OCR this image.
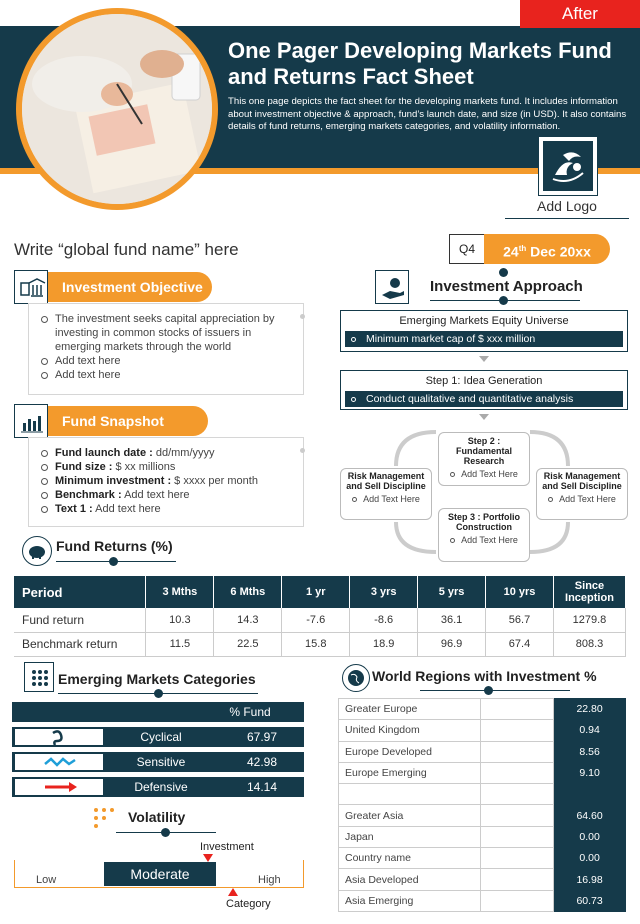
After
One Pager Developing Markets Fund and Returns Fact Sheet
This one page depicts the fact sheet for the developing markets fund. It includes information about investment objective & approach, fund’s launch date, and size (in USD). It also contains details of fund returns, emerging markets categories, and volatility information.
Add Logo
Write “global fund name” here	Q4	24th Dec 20xx
Investment Objective
The investment seeks capital appreciation by investing in common stocks of issuers in emerging markets through the world
Add text here
Add text here
Fund Snapshot
Fund launch date : dd/mm/yyyy
Fund size : $ xx millions
Minimum investment : $ xxxx per month
Benchmark : Add text here
Text 1 : Add text here
Investment Approach
Emerging Markets Equity Universe
Minimum market cap of $ xxx million
Step 1: Idea Generation
Conduct qualitative and quantitative analysis
Step 2 : Fundamental Research
Add Text Here
Risk Management and Sell Discipline
Add Text Here
Risk Management and Sell Discipline
Add Text Here
Step 3 : Portfolio Construction
Add Text Here
Fund Returns (%)
Period	3 Mths	6 Mths	1 yr	3 yrs	5 yrs	10 yrs	Since Inception
Fund return	10.3	14.3	-7.6	-8.6	36.1	56.7	1279.8
Benchmark return	11.5	22.5	15.8	18.9	96.9	67.4	808.3
Emerging Markets Categories
% Fund
Cyclical	67.97
Sensitive	42.98
Defensive	14.14
Volatility
Investment
Low	Moderate	High
Category
World Regions with Investment %
Greater Europe		22.80
United Kingdom		0.94
Europe Developed		8.56
Europe Emerging		9.10

Greater Asia		64.60
Japan		0.00
Country name		0.00
Asia Developed		16.98
Asia Emerging		60.73
